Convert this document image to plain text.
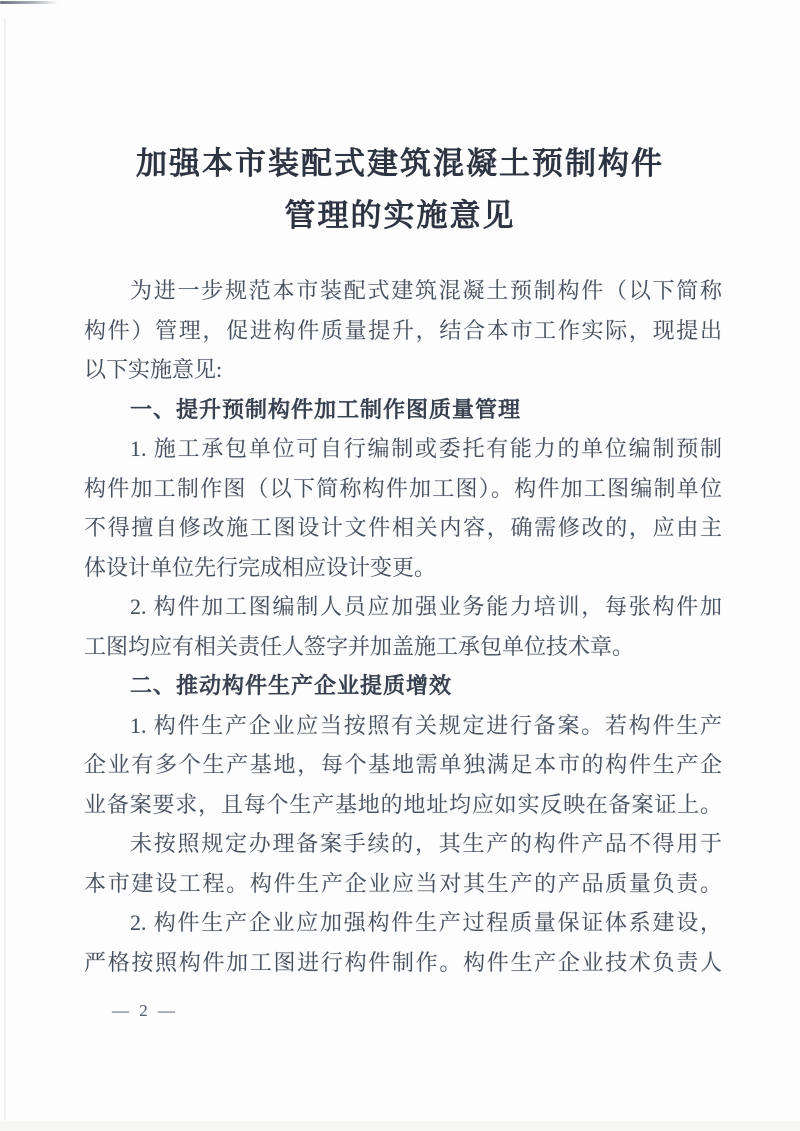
加强本市装配式建筑混凝土预制构件
管理的实施意见
为进一步规范本市装配式建筑混凝土预制构件（以下简称
构件）管理，促进构件质量提升，结合本市工作实际，现提出
以下实施意见:
一、提升预制构件加工制作图质量管理
1. 施工承包单位可自行编制或委托有能力的单位编制预制
构件加工制作图（以下简称构件加工图）。构件加工图编制单位
不得擅自修改施工图设计文件相关内容，确需修改的，应由主
体设计单位先行完成相应设计变更。
2. 构件加工图编制人员应加强业务能力培训，每张构件加
工图均应有相关责任人签字并加盖施工承包单位技术章。
二、推动构件生产企业提质增效
1. 构件生产企业应当按照有关规定进行备案。若构件生产
企业有多个生产基地，每个基地需单独满足本市的构件生产企
业备案要求，且每个生产基地的地址均应如实反映在备案证上。
未按照规定办理备案手续的，其生产的构件产品不得用于
本市建设工程。构件生产企业应当对其生产的产品质量负责。
2. 构件生产企业应加强构件生产过程质量保证体系建设，
严格按照构件加工图进行构件制作。构件生产企业技术负责人
— 2 —
